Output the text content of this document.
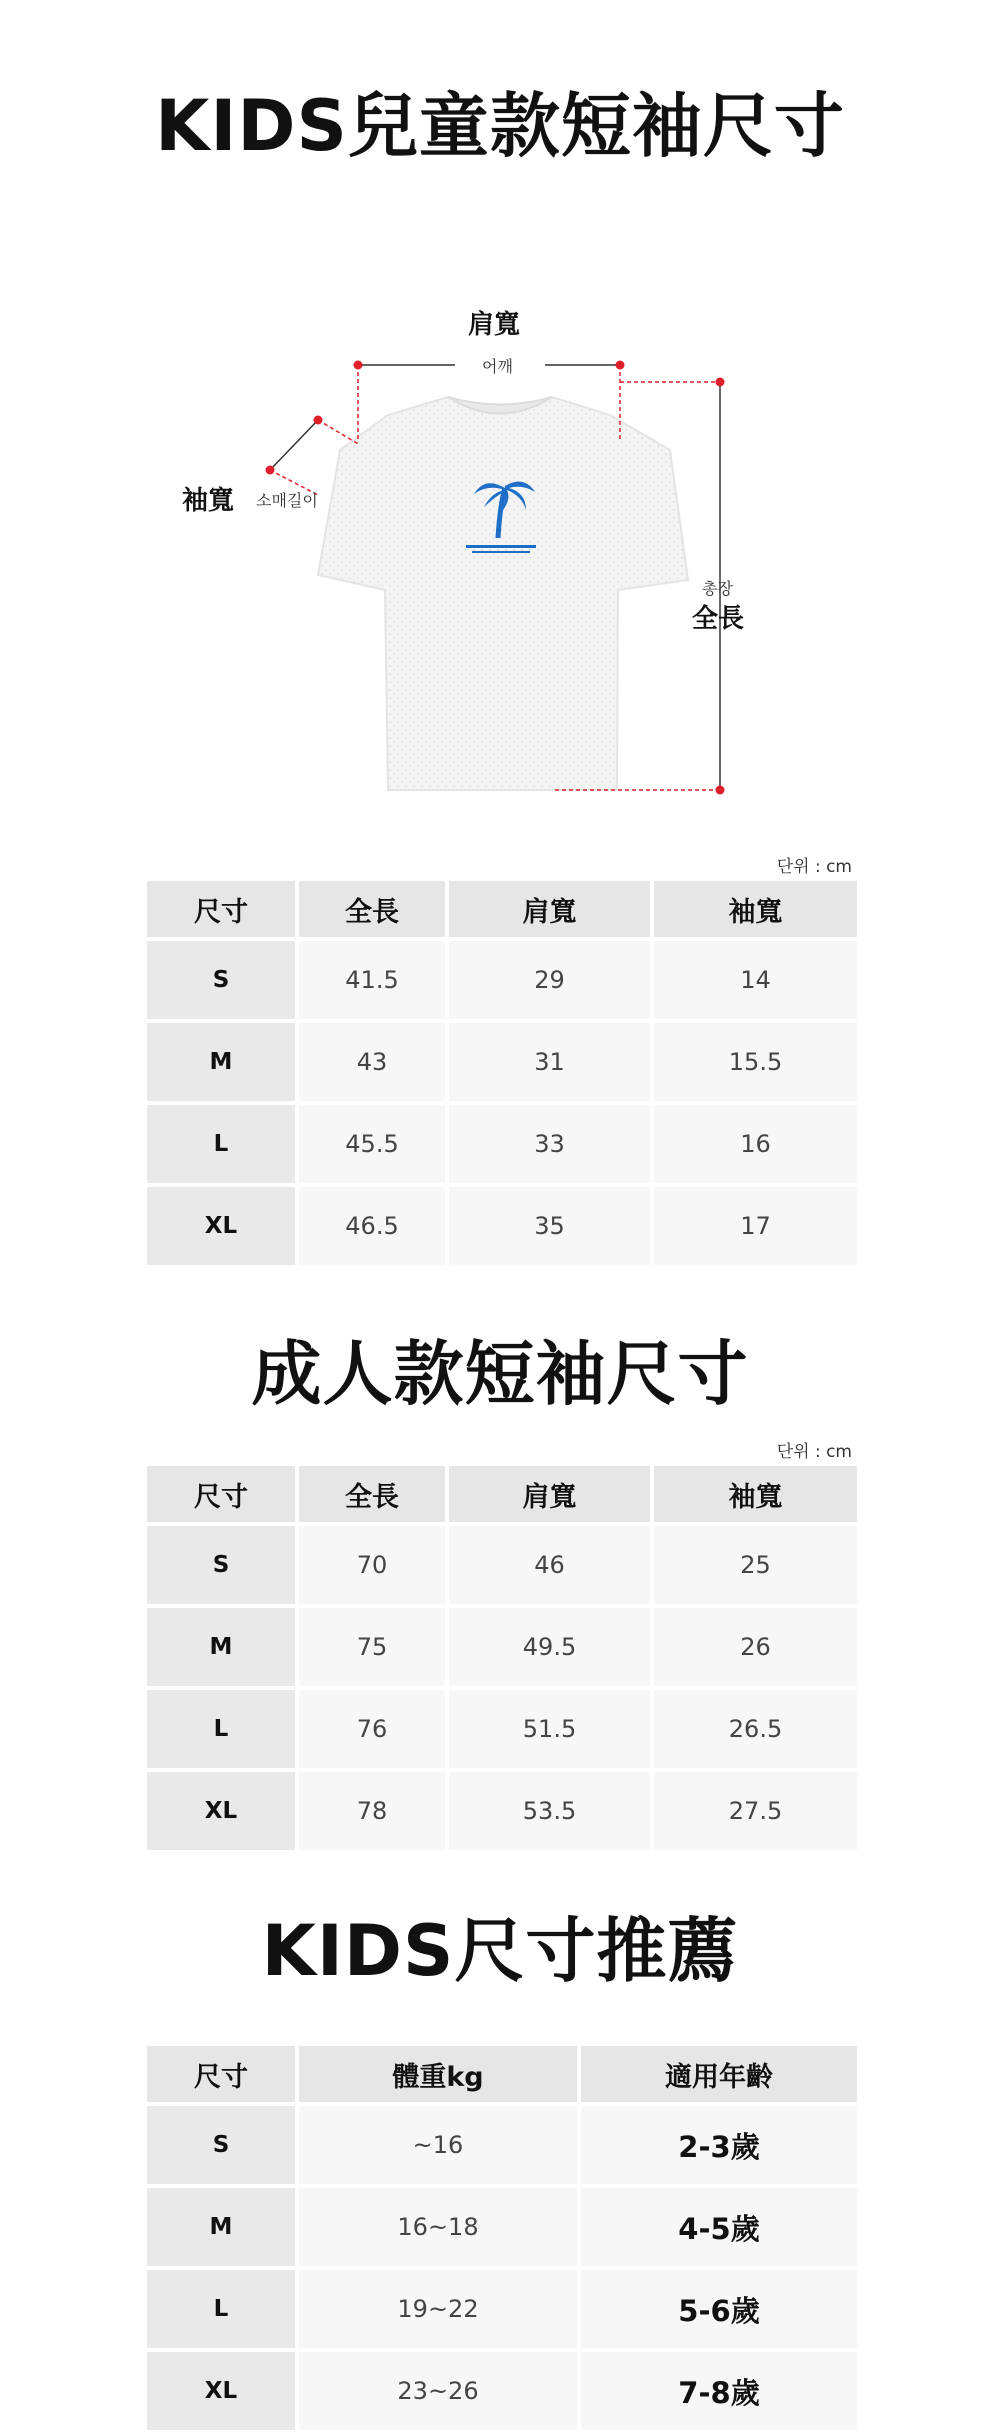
KIDS兒童款短袖尺寸
肩寬
어깨
袖寬 소매길이
총장
全長
단위 : cm
尺寸	全長	肩寬	袖寬
S	41.5	29	14
M	43	31	15.5
L	45.5	33	16
XL	46.5	35	17
成人款短袖尺寸
단위 : cm
尺寸	全長	肩寬	袖寬
S	70	46	25
M	75	49.5	26
L	76	51.5	26.5
XL	78	53.5	27.5
KIDS尺寸推薦
尺寸	體重kg	適用年齡
S	~16	2-3歲
M	16~18	4-5歲
L	19~22	5-6歲
XL	23~26	7-8歲
